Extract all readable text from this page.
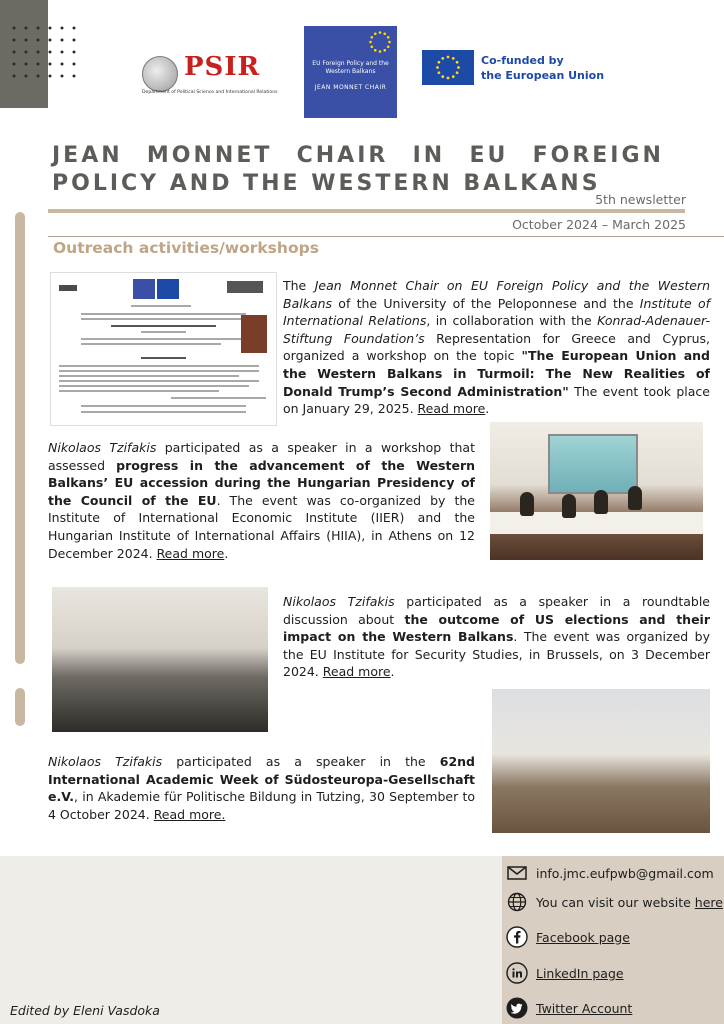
PSIR
Department of Political Science and International Relations
EU Foreign Policy and the Western Balkans
JEAN MONNET CHAIR
Co-funded by
the European Union
JEAN MONNET CHAIR IN EU FOREIGN
POLICY AND THE WESTERN BALKANS
5th newsletter
October 2024 – March 2025
Outreach activities/workshops
The Jean Monnet Chair on EU Foreign Policy and the Western Balkans of the University of the Peloponnese and the Institute of International Relations, in collaboration with the Konrad-Adenauer-Stiftung Foundation’s Representation for Greece and Cyprus, organized a workshop on the topic "The European Union and the Western Balkans in Turmoil: The New Realities of Donald Trump’s Second Administration" The event took place on January 29, 2025. Read more.
Nikolaos Tzifakis participated as a speaker in a workshop that assessed progress in the advancement of the Western Balkans’ EU accession during the Hungarian Presidency of the Council of the EU. The event was co-organized by the Institute of International Economic Institute (IIER) and the Hungarian Institute of International Affairs (HIIA), in Athens on 12 December 2024. Read more.
Nikolaos Tzifakis participated as a speaker in a roundtable discussion about the outcome of US elections and their impact on the Western Balkans. The event was organized by the EU Institute for Security Studies, in Brussels, on 3 December 2024. Read more.
Nikolaos Tzifakis participated as a speaker in the 62nd International Academic Week of Südosteuropa-Gesellschaft e.V., in Akademie für Politische Bildung in Tutzing, 30 September to 4 October 2024. Read more.
Edited by Eleni Vasdoka
info.jmc.eufpwb@gmail.com
You can visit our website here
Facebook page
LinkedIn page
Twitter Account
